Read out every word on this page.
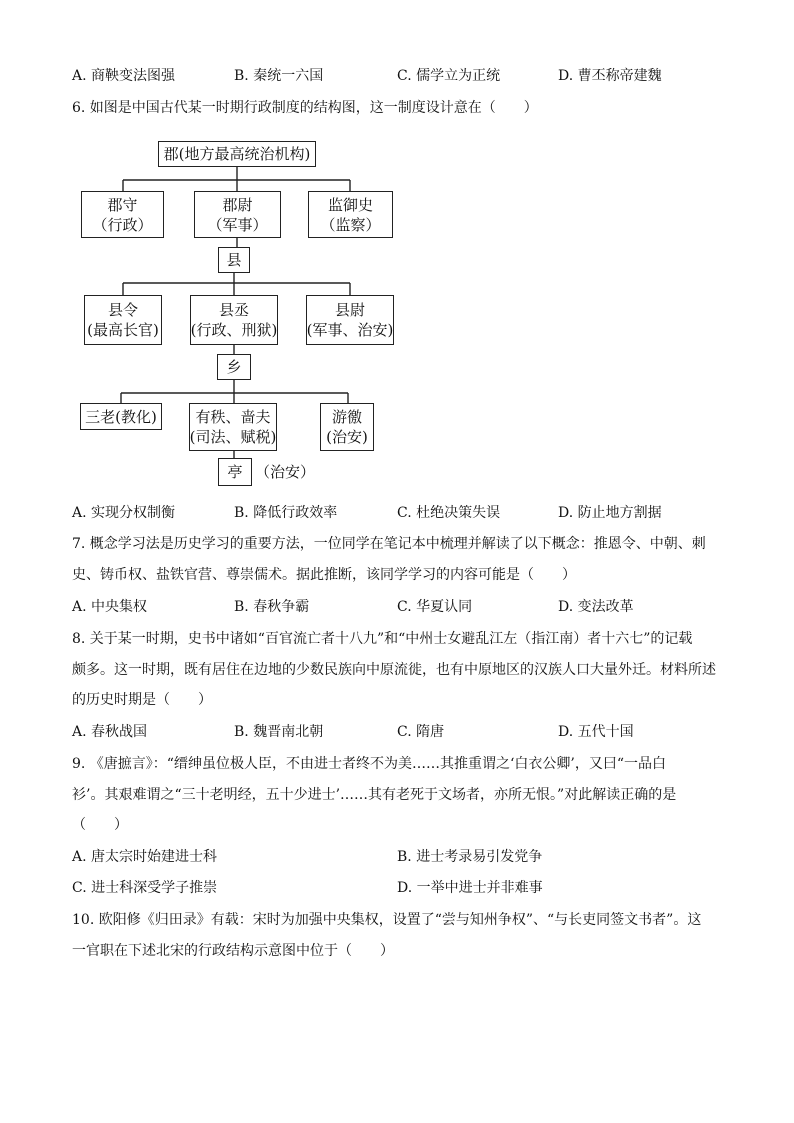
A. 商鞅变法图强	B. 秦统一六国	C. 儒学立为正统	D. 曹丕称帝建魏
6. 如图是中国古代某一时期行政制度的结构图，这一制度设计意在（　　）
郡(地方最高统治机构)
郡守
（行政）
郡尉
（军事）
监御史
（监察）
县
县令
(最高长官)
县丞
(行政、刑狱)
县尉
(军事、治安)
乡
三老(教化)	有秩、啬夫
(司法、赋税)
游徼
(治安)
亭 （治安）
A. 实现分权制衡	B. 降低行政效率	C. 杜绝决策失误	D. 防止地方割据
7. 概念学习法是历史学习的重要方法，一位同学在笔记本中梳理并解读了以下概念：推恩令、中朝、刺
史、铸币权、盐铁官营、尊崇儒术。据此推断，该同学学习的内容可能是（　　）
A. 中央集权	B. 春秋争霸	C. 华夏认同	D. 变法改革
8. 关于某一时期，史书中诸如“百官流亡者十八九”和“中州士女避乱江左（指江南）者十六七”的记载
颇多。这一时期，既有居住在边地的少数民族向中原流徙，也有中原地区的汉族人口大量外迁。材料所述
的历史时期是（　　）
A. 春秋战国	B. 魏晋南北朝	C. 隋唐	D. 五代十国
9. 《唐摭言》：“缙绅虽位极人臣，不由进士者终不为美……其推重谓之‘白衣公卿’，又曰“一品白
衫’。其艰难谓之“三十老明经，五十少进士’……其有老死于文场者，亦所无恨。”对此解读正确的是
（　　）
A. 唐太宗时始建进士科	B. 进士考录易引发党争
C. 进士科深受学子推崇	D. 一举中进士并非难事
10. 欧阳修《归田录》有载：宋时为加强中央集权，设置了“尝与知州争权”、“与长吏同签文书者”。这
一官职在下述北宋的行政结构示意图中位于（　　）
